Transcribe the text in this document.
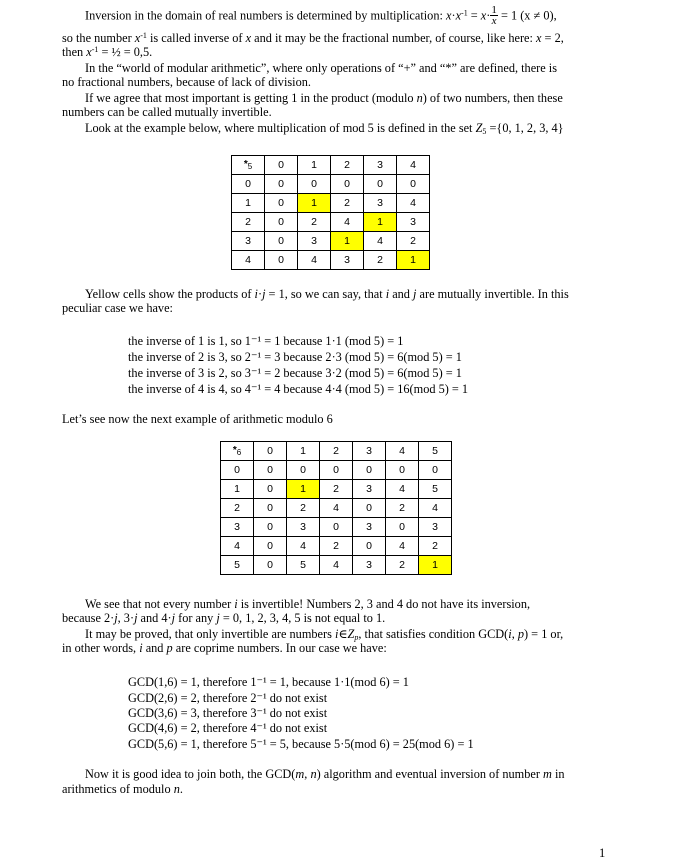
Inversion in the domain of real numbers is determined by multiplication: $x\cdot x^{-1} = x\cdot \frac{1}{x} = 1$ (x ≠ 0),
so the number $x^{-1}$ is called inverse of x and it may be the fractional number, of course, like here: x = 2,
then $x^{-1}$ = ½ = 0,5.
In the “world of modular arithmetic”, where only operations of “+” and “*” are defined, there is
no fractional numbers, because of lack of division.
If we agree that most important is getting 1 in the product (modulo n) of two numbers, then these
numbers can be called mutually invertible.
Look at the example below, where multiplication of mod 5 is defined in the set $Z_5 =\{0$, 1, 2, 3, 4}
$*_5$	0	1	2	3	4
0	0	0	0	0	0
1	0	1	2	3	4
2	0	2	4	1	3
3	0	3	1	4	2
4	0	4	3	2	1
Yellow cells show the products of i·j = 1, so we can say, that i and j are mutually invertible. In this
peculiar case we have:
the inverse of 1 is 1, so 1⁻¹ = 1 because 1·1 (mod 5) = 1
the inverse of 2 is 3, so 2⁻¹ = 3 because 2·3 (mod 5) = 6(mod 5) = 1
the inverse of 3 is 2, so 3⁻¹ = 2 because 3·2 (mod 5) = 6(mod 5) = 1
the inverse of 4 is 4, so 4⁻¹ = 4 because 4·4 (mod 5) = 16(mod 5) = 1
Let’s see now the next example of arithmetic modulo 6
$*_6$	0	1	2	3	4	5
0	0	0	0	0	0	0
1	0	1	2	3	4	5
2	0	2	4	0	2	4
3	0	3	0	3	0	3
4	0	4	2	0	4	2
5	0	5	4	3	2	1
We see that not every number i is invertible! Numbers 2, 3 and 4 do not have its inversion,
because 2·j, 3·j and 4·j for any j = 0, 1, 2, 3, 4, 5 is not equal to 1.
It may be proved, that only invertible are numbers $i\in Z_p$, that satisfies condition GCD(i, p) = 1 or,
in other words, i and p are coprime numbers. In our case we have:
GCD(1,6) = 1, therefore 1⁻¹ = 1, because 1·1(mod 6) = 1
GCD(2,6) = 2, therefore 2⁻¹ do not exist
GCD(3,6) = 3, therefore 3⁻¹ do not exist
GCD(4,6) = 2, therefore 4⁻¹ do not exist
GCD(5,6) = 1, therefore 5⁻¹ = 5, because 5·5(mod 6) = 25(mod 6) = 1
Now it is good idea to join both, the GCD(m, n) algorithm and eventual inversion of number m in
arithmetics of modulo n.
1
